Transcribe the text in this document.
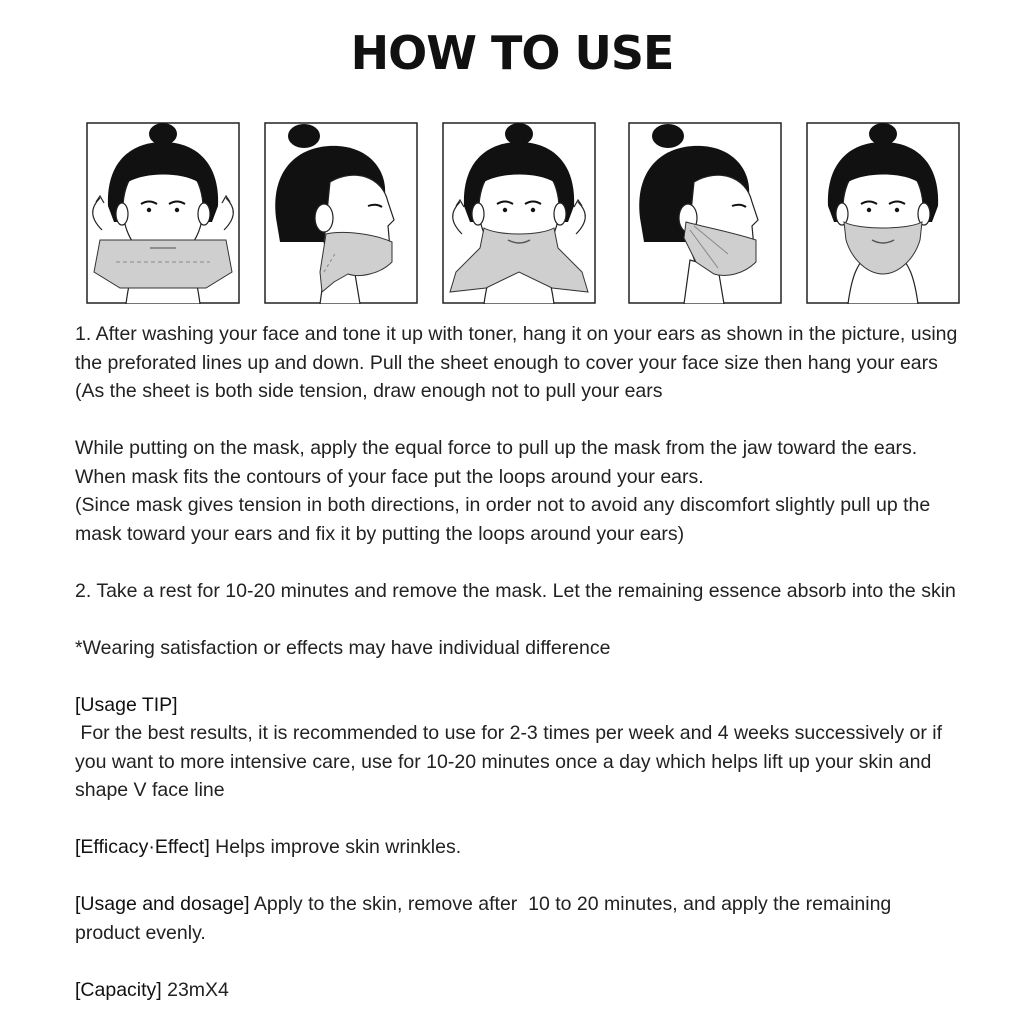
HOW TO USE

1. After washing your face and tone it up with toner, hang it on your ears as shown in the picture, using

the preforated lines up and down. Pull the sheet enough to cover your face size then hang your ears

(As the sheet is both side tension, draw enough not to pull your ears

While putting on the mask, apply the equal force to pull up the mask from the jaw toward the ears.

When mask fits the contours of your face put the loops around your ears.

(Since mask gives tension in both directions, in order not to avoid any discomfort slightly pull up the

mask toward your ears and fix it by putting the loops around your ears)

2. Take a rest for 10-20 minutes and remove the mask. Let the remaining essence absorb into the skin

*Wearing satisfaction or effects may have individual difference

[Usage TIP]

For the best results, it is recommended to use for 2-3 times per week and 4 weeks successively or if

you want to more intensive care, use for 10-20 minutes once a day which helps lift up your skin and

shape V face line

[Efficacy·Effect] Helps improve skin wrinkles.

[Usage and dosage] Apply to the skin, remove after  10 to 20 minutes, and apply the remaining

product evenly.

[Capacity] 23mX4
